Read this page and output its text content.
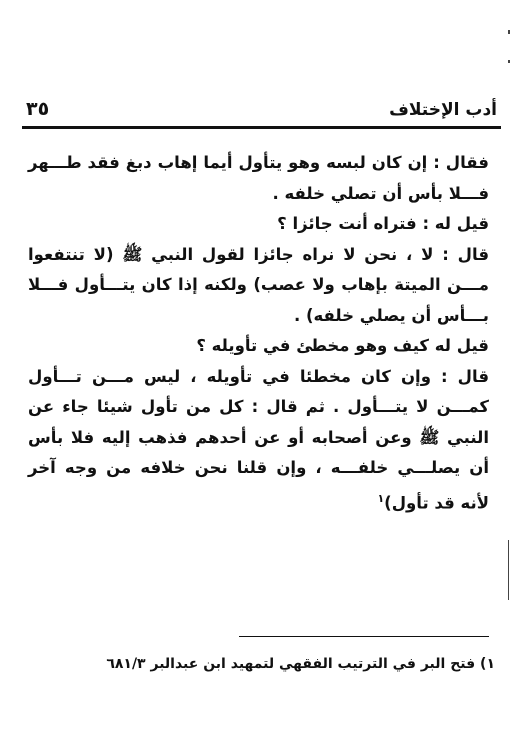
أدب الإختلاف
٣٥

فقال : إن كان لبسه وهو يتأول أيما إهاب دبغ فقد طـــهر فـــلا بأس أن تصلي خلفه .

قيل له : فتراه أنت جائزا ؟

قال : لا ، نحن لا نراه جائزا لقول النبي ﷺ (لا تنتفعوا مـــن الميتة بإهاب ولا عصب) ولكنه إذا كان يتـــأول فـــلا بـــأس أن يصلي خلفه) .

قيل له كيف وهو مخطئ في تأويله ؟

قال : وإن كان مخطئا في تأويله ، ليس مـــن تـــأول كمـــن لا يتـــأول . ثم قال : كل من تأول شيئا جاء عن النبي ﷺ وعن أصحابه أو عن أحدهم فذهب إليه فلا بأس أن يصلـــي خلفـــه ، وإن قلنا نحن خلافه من وجه آخر لأنه قد تأول)$^١$

١) فتح البر في الترتيب الفقهي لتمهيد ابن عبدالبر ٦٨١/٣
